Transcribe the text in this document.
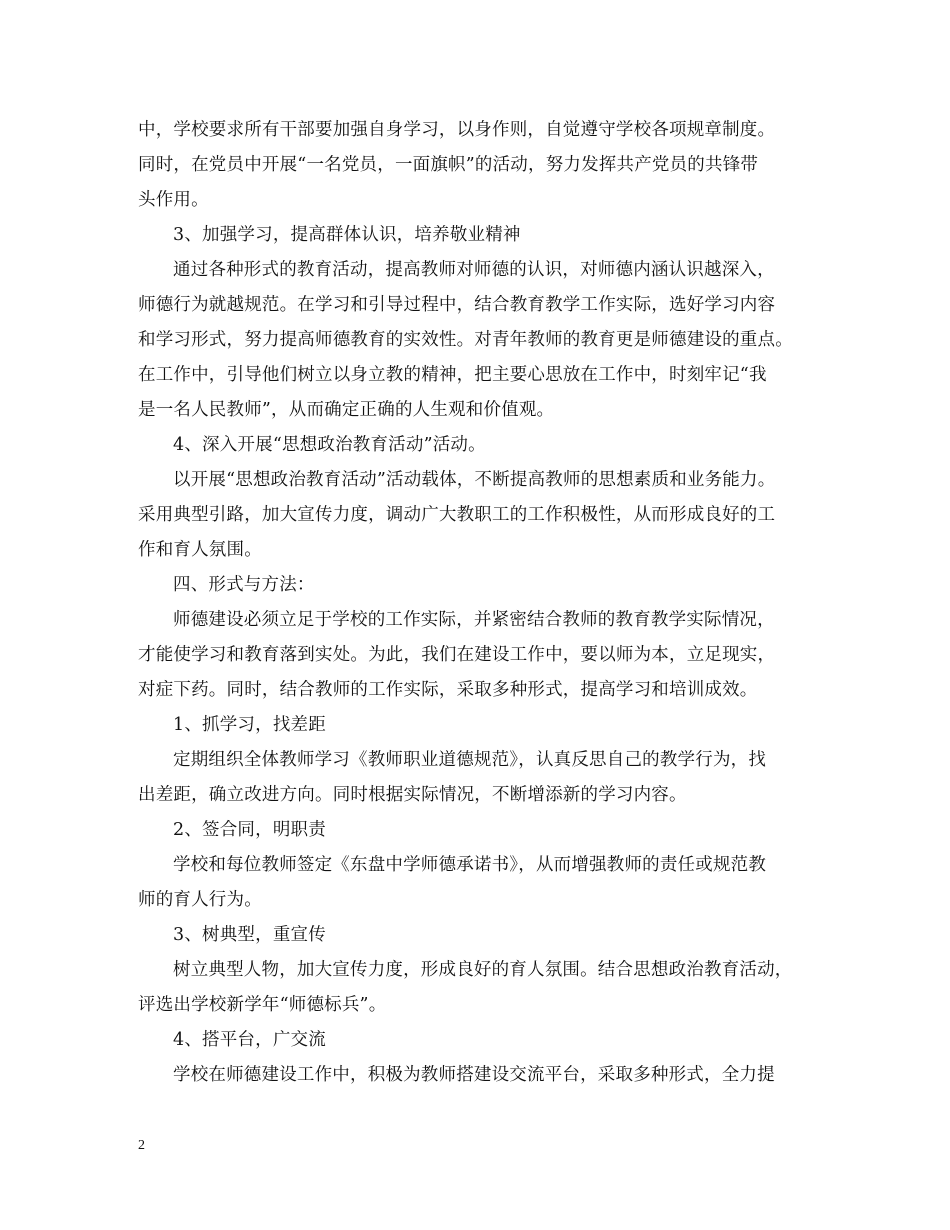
中，学校要求所有干部要加强自身学习，以身作则，自觉遵守学校各项规章制度。
同时，在党员中开展“一名党员，一面旗帜”的活动，努力发挥共产党员的共锋带
头作用。
3、加强学习，提高群体认识，培养敬业精神
通过各种形式的教育活动，提高教师对师德的认识，对师德内涵认识越深入，
师德行为就越规范。在学习和引导过程中，结合教育教学工作实际，选好学习内容
和学习形式，努力提高师德教育的实效性。对青年教师的教育更是师德建设的重点。
在工作中，引导他们树立以身立教的精神，把主要心思放在工作中，时刻牢记“我
是一名人民教师”，从而确定正确的人生观和价值观。
4、深入开展“思想政治教育活动”活动。
以开展“思想政治教育活动”活动载体，不断提高教师的思想素质和业务能力。
采用典型引路，加大宣传力度，调动广大教职工的工作积极性，从而形成良好的工
作和育人氛围。
四、形式与方法：
师德建设必须立足于学校的工作实际，并紧密结合教师的教育教学实际情况，
才能使学习和教育落到实处。为此，我们在建设工作中，要以师为本，立足现实，
对症下药。同时，结合教师的工作实际，采取多种形式，提高学习和培训成效。
1、抓学习，找差距
定期组织全体教师学习《教师职业道德规范》，认真反思自己的教学行为，找
出差距，确立改进方向。同时根据实际情况，不断增添新的学习内容。
2、签合同，明职责
学校和每位教师签定《东盘中学师德承诺书》，从而增强教师的责任或规范教
师的育人行为。
3、树典型，重宣传
树立典型人物，加大宣传力度，形成良好的育人氛围。结合思想政治教育活动，
评选出学校新学年“师德标兵”。
4、搭平台，广交流
学校在师德建设工作中，积极为教师搭建设交流平台，采取多种形式，全力提
2
